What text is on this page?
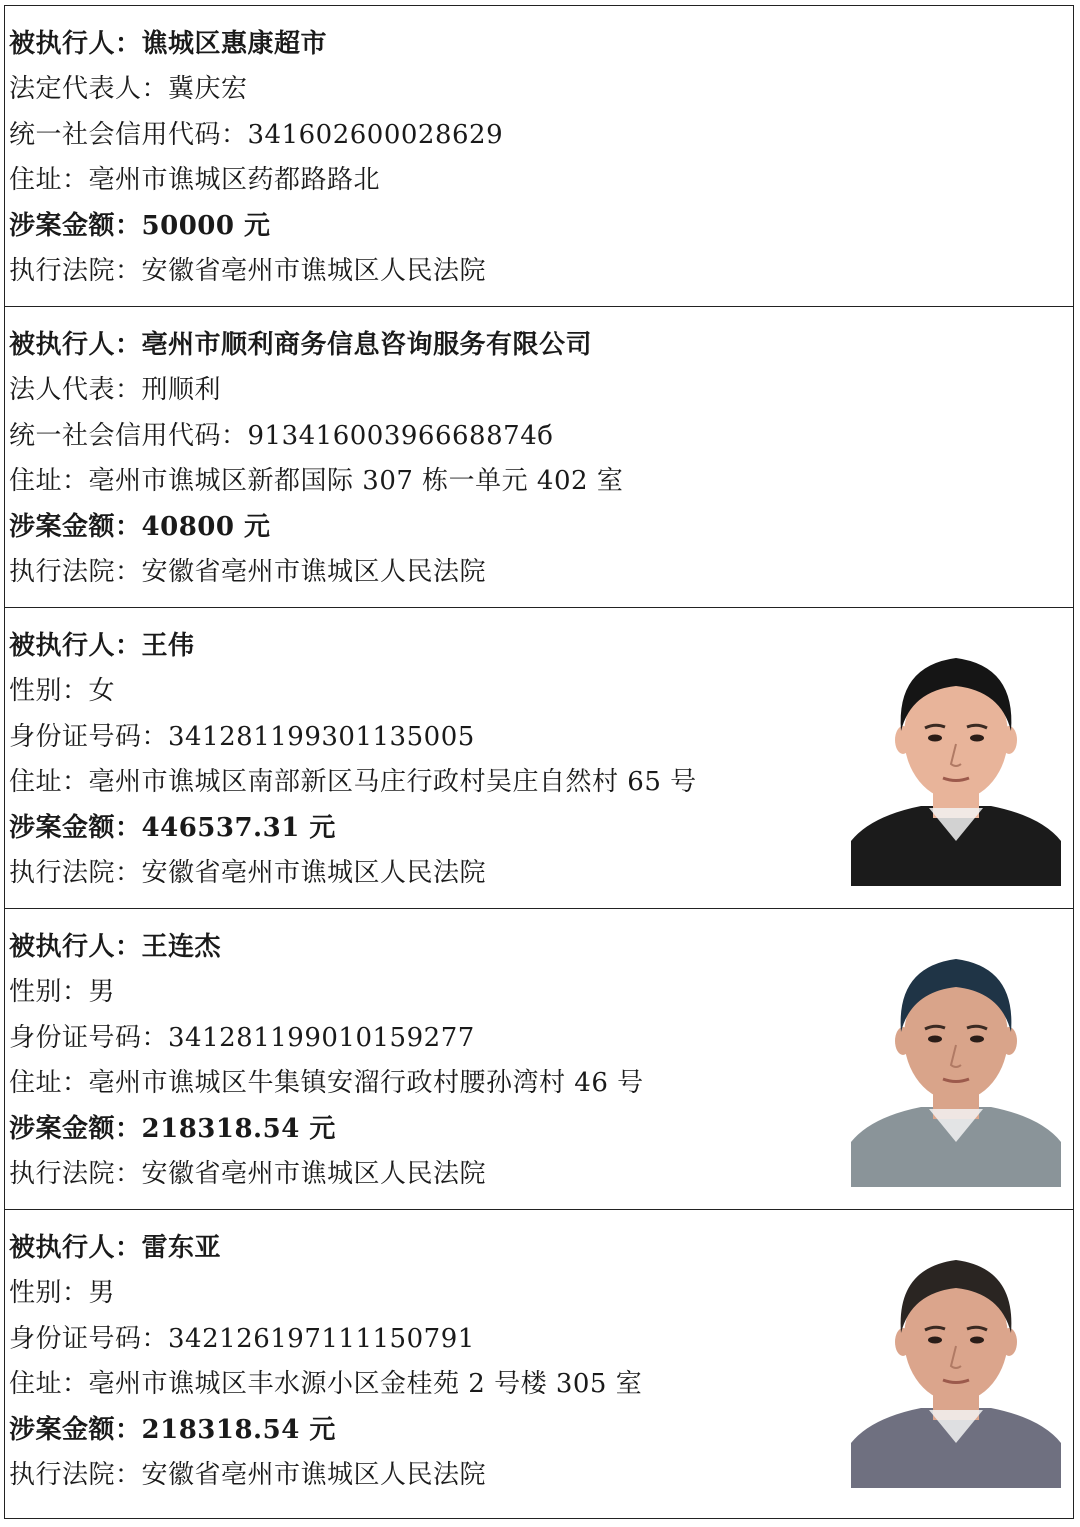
被执行人：谯城区惠康超市
法定代表人：冀庆宏
统一社会信用代码：341602600028629
住址：亳州市谯城区药都路路北
涉案金额：50000 元
执行法院：安徽省亳州市谯城区人民法院
被执行人：亳州市顺利商务信息咨询服务有限公司
法人代表：刑顺利
统一社会信用代码：91341600396668874б
住址：亳州市谯城区新都国际 307 栋一单元 402 室
涉案金额：40800 元
执行法院：安徽省亳州市谯城区人民法院
被执行人：王伟
性别：女
身份证号码：341281199301135005
住址：亳州市谯城区南部新区马庄行政村吴庄自然村 65 号
涉案金额：446537.31 元
执行法院：安徽省亳州市谯城区人民法院
被执行人：王连杰
性别：男
身份证号码：341281199010159277
住址：亳州市谯城区牛集镇安溜行政村腰孙湾村 46 号
涉案金额：218318.54 元
执行法院：安徽省亳州市谯城区人民法院
被执行人：雷东亚
性别：男
身份证号码：342126197111150791
住址：亳州市谯城区丰水源小区金桂苑 2 号楼 305 室
涉案金额：218318.54 元
执行法院：安徽省亳州市谯城区人民法院
